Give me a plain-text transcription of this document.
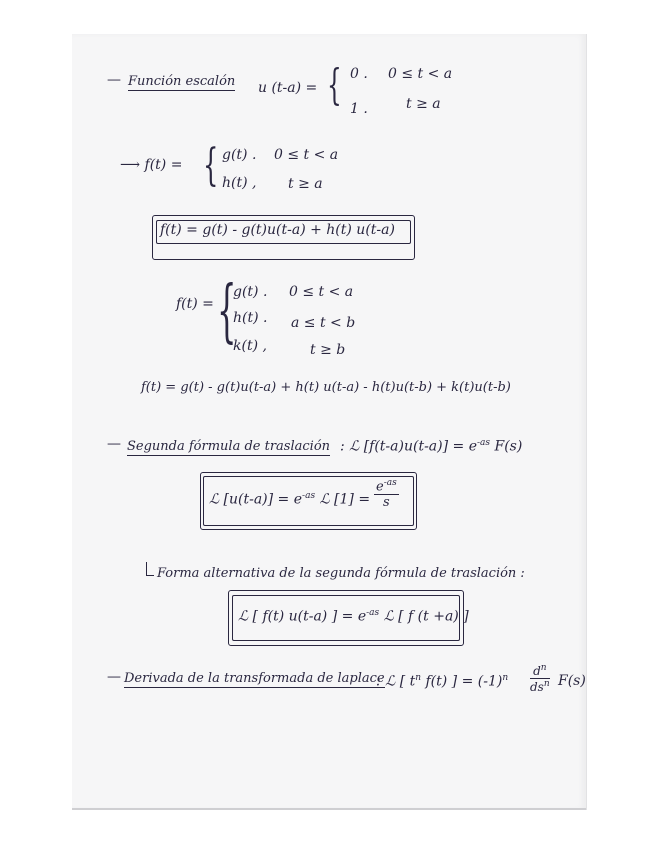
— Función escalón u (t-a) = { 0 . 0 ≤ t < a
1 .	t ≥ a
⟶ f(t) = { g(t) . 0 ≤ t < a
h(t) , t ≥ a
f(t) = g(t) - g(t)u(t-a) + h(t) u(t-a)
f(t) = {
g(t) . 0 ≤ t < a
h(t) . a ≤ t < b
k(t) ,	t ≥ b
f(t) = g(t) - g(t)u(t-a) + h(t) u(t-a) - h(t)u(t-b) + k(t)u(t-b)
— Segunda fórmula de traslación : ℒ $[f(t-a)u(t-a)] = e^{-as}$ F(s)
ℒ $[u(t-a)] = e^{-as}$ ℒ $[1] = \frac{e^{-as}}{s}$
Forma alternativa de la segunda fórmula de traslación :
ℒ [ f(t) u(t-a) ] = $e^{-as}$ ℒ [ f (t +a) ]
— Derivada de la transformada de laplace
: ℒ [ $t^n$ f(t) ] = $(-1)^n$ $d^n$
$ds^n$ F(s)
